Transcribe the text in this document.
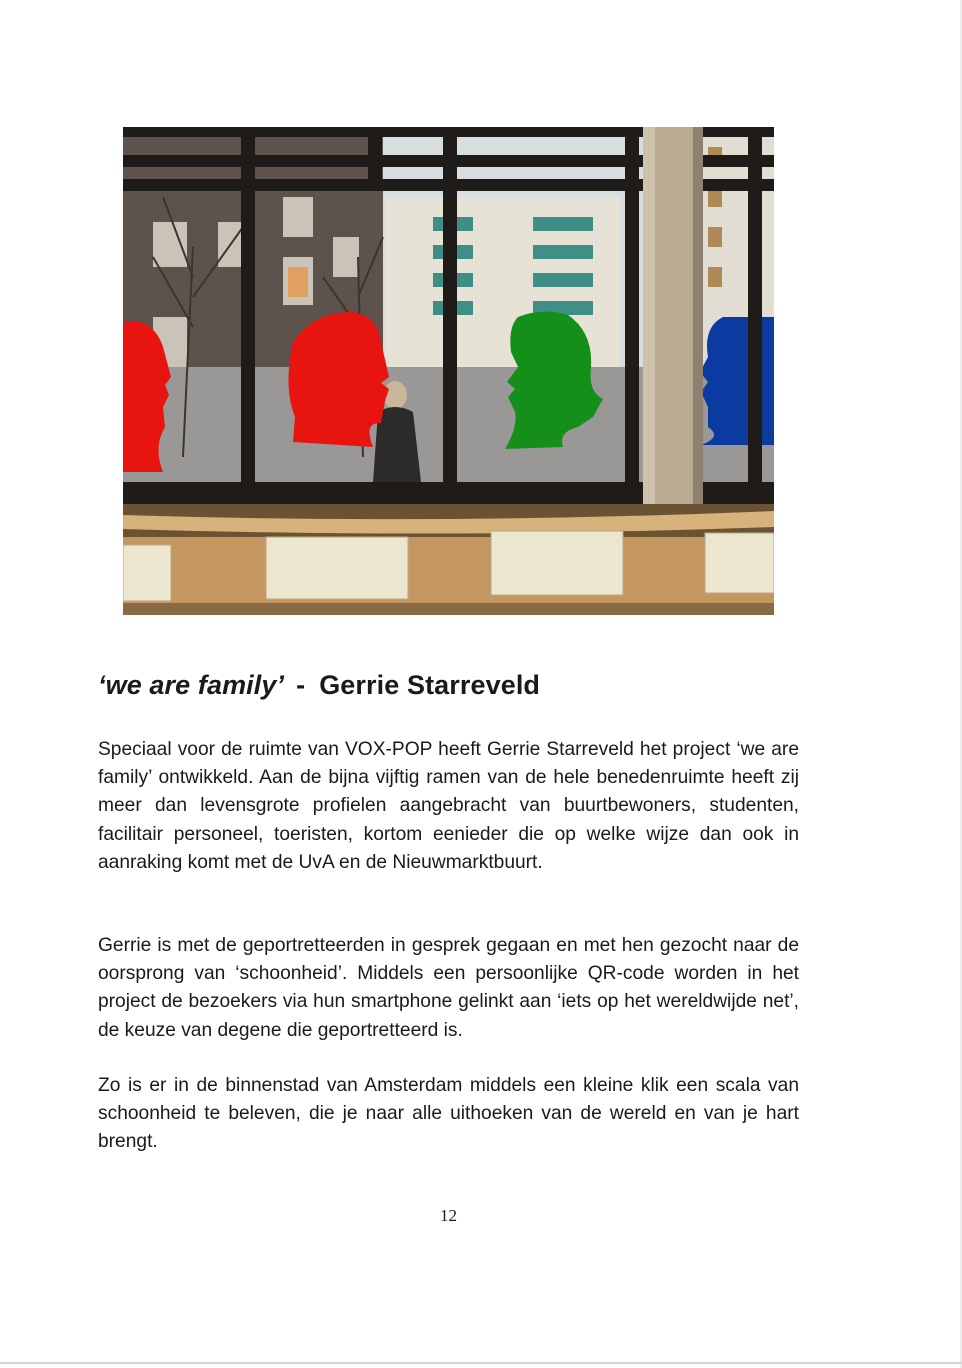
‘we are family’ - Gerrie Starreveld

Speciaal voor de ruimte van VOX-POP heeft Gerrie Starreveld het project ‘we are family’ ontwikkeld. Aan de bijna vijftig ramen van de hele benedenruimte heeft zij meer dan levensgrote profielen aangebracht van buurtbewoners, studenten, facilitair personeel, toeristen, kortom eenieder die op welke wijze dan ook in aanraking komt met de UvA en de Nieuwmarktbuurt.

Gerrie is met de geportretteerden in gesprek gegaan en met hen gezocht naar de oorsprong van ‘schoonheid’. Middels een persoonlijke QR-code worden in het project de bezoekers via hun smartphone gelinkt aan ‘iets op het wereldwijde net’, de keuze van degene die geportretteerd is.

Zo is er in de binnenstad van Amsterdam middels een kleine klik een scala van schoonheid te beleven, die je naar alle uithoeken van de wereld en van je hart brengt.

12
